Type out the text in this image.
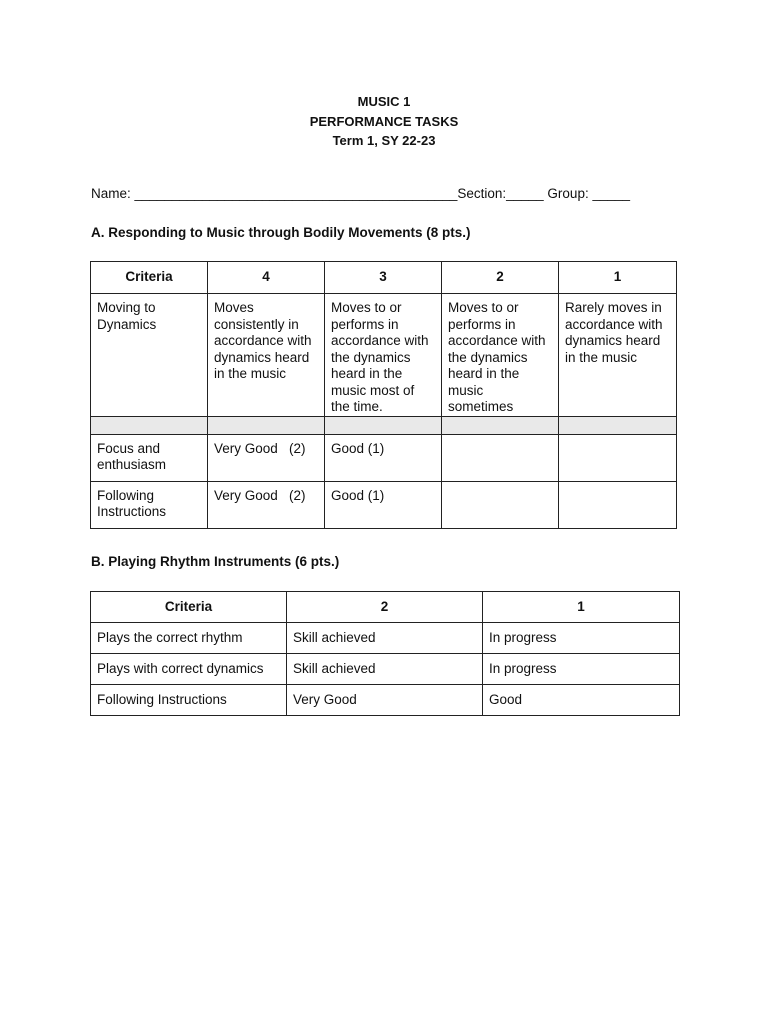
MUSIC 1
PERFORMANCE TASKS
Term 1, SY 22-23
Name: ___________________________________________Section:_____ Group: _____
A. Responding to Music through Bodily Movements (8 pts.)
Criteria	4	3	2	1
Moving to Dynamics	Moves consistently in accordance with dynamics heard in the music	Moves to or performs in accordance with the dynamics heard in the music most of the time.	Moves to or performs in accordance with the dynamics heard in the music sometimes	Rarely moves in accordance with dynamics heard in the music

Focus and enthusiasm	Very Good   (2)	Good (1)		
Following Instructions	Very Good   (2)	Good (1)		
B. Playing Rhythm Instruments (6 pts.)
Criteria	2	1
Plays the correct rhythm	Skill achieved	In progress
Plays with correct dynamics	Skill achieved	In progress
Following Instructions	Very Good	Good
